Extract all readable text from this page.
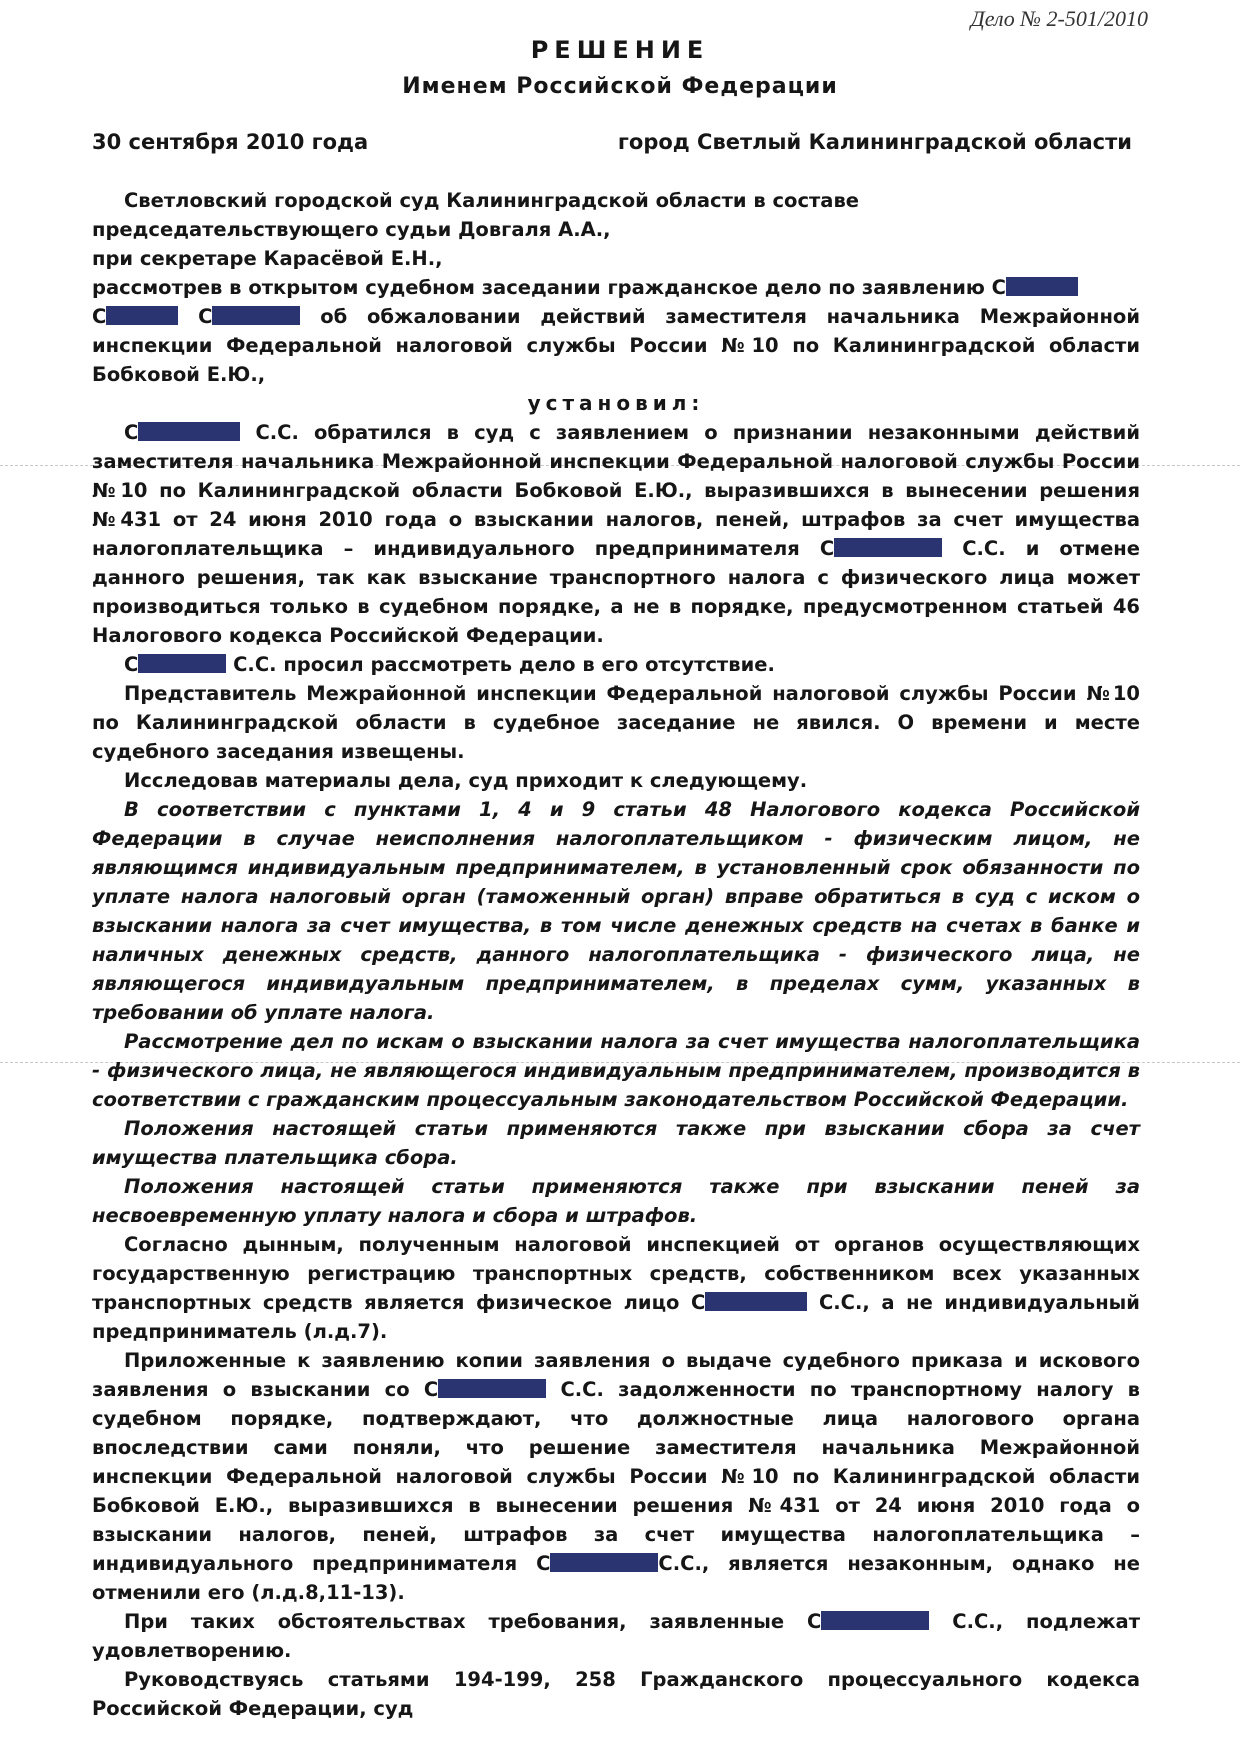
Дело № 2-501/2010
РЕШЕНИЕ
Именем Российской Федерации
30 сентября 2010 года	город Светлый Калининградской области

Светловский городской суд Калининградской области в составе

председательствующего судьи Довгаля А.А.,

при секретаре Карасёвой Е.Н.,

рассмотрев в открытом судебном заседании гражданское дело по заявлению С
С	С	об обжаловании действий заместителя начальника Межрайонной инспекции Федеральной налоговой службы России №10 по Калининградской области Бобковой Е.Ю.,

установил:

С	С.С. обратился в суд с заявлением о признании незаконными действий заместителя начальника Межрайонной инспекции Федеральной налоговой службы России №10 по Калининградской области Бобковой Е.Ю., выразившихся в вынесении решения №431 от 24 июня 2010 года о взыскании налогов, пеней, штрафов за счет имущества налогоплательщика – индивидуального предпринимателя С	С.С. и отмене данного решения, так как взыскание транспортного налога с физического лица может производиться только в судебном порядке, а не в порядке, предусмотренном статьей 46 Налогового кодекса Российской Федерации.

С	С.С. просил рассмотреть дело в его отсутствие.

Представитель Межрайонной инспекции Федеральной налоговой службы России №10 по Калининградской области в судебное заседание не явился. О времени и месте судебного заседания извещены.

Исследовав материалы дела, суд приходит к следующему.

В соответствии с пунктами 1, 4 и 9 статьи 48 Налогового кодекса Российской Федерации в случае неисполнения налогоплательщиком - физическим лицом, не являющимся индивидуальным предпринимателем, в установленный срок обязанности по уплате налога налоговый орган (таможенный орган) вправе обратиться в суд с иском о взыскании налога за счет имущества, в том числе денежных средств на счетах в банке и наличных денежных средств, данного налогоплательщика - физического лица, не являющегося индивидуальным предпринимателем, в пределах сумм, указанных в требовании об уплате налога.

Рассмотрение дел по искам о взыскании налога за счет имущества налогоплательщика - физического лица, не являющегося индивидуальным предпринимателем, производится в соответствии с гражданским процессуальным законодательством Российской Федерации.

Положения настоящей статьи применяются также при взыскании сбора за счет имущества плательщика сбора.

Положения настоящей статьи применяются также при взыскании пеней за несвоевременную уплату налога и сбора и штрафов.

Согласно дынным, полученным налоговой инспекцией от органов осуществляющих государственную регистрацию транспортных средств, собственником всех указанных транспортных средств является физическое лицо С	С.С., а не индивидуальный предприниматель (л.д.7).

Приложенные к заявлению копии заявления о выдаче судебного приказа и искового заявления о взыскании со С	С.С. задолженности по транспортному налогу в судебном порядке, подтверждают, что должностные лица налогового органа впоследствии сами поняли, что решение заместителя начальника Межрайонной инспекции Федеральной налоговой службы России №10 по Калининградской области Бобковой Е.Ю., выразившихся в вынесении решения №431 от 24 июня 2010 года о взыскании налогов, пеней, штрафов за счет имущества налогоплательщика – индивидуального предпринимателя С	С.С., является незаконным, однако не отменили его (л.д.8,11-13).

При таких обстоятельствах требования, заявленные С	С.С., подлежат удовлетворению.

Руководствуясь статьями 194-199, 258 Гражданского процессуального кодекса Российской Федерации, суд
